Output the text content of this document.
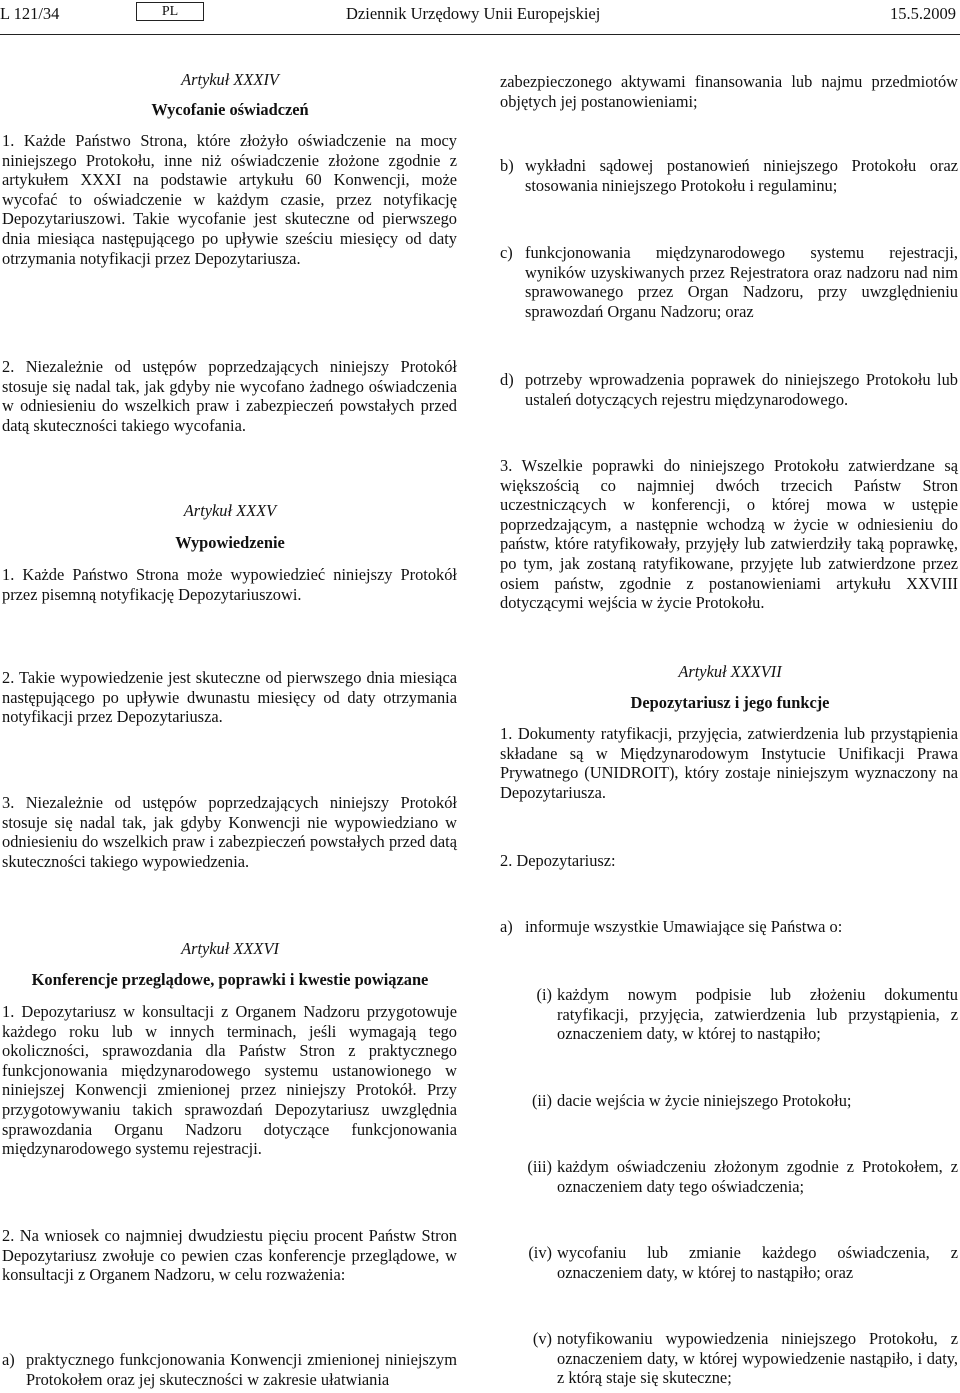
L 121/34	PL	Dziennik Urzędowy Unii Europejskiej	15.5.2009
Artykuł XXXIV
Wycofanie oświadczeń
1. Każde Państwo Strona, które złożyło oświadczenie na mocy niniejszego Protokołu, inne niż oświadczenie złożone zgodnie z artykułem XXXI na podstawie artykułu 60 Konwencji, może wycofać to oświadczenie w każdym czasie, przez notyfikację Depozytariuszowi. Takie wycofanie jest skuteczne od pierwszego dnia miesiąca następującego po upływie sześciu miesięcy od daty otrzymania notyfikacji przez Depozytariusza.
2. Niezależnie od ustępów poprzedzających niniejszy Protokół stosuje się nadal tak, jak gdyby nie wycofano żadnego oświadczenia w odniesieniu do wszelkich praw i zabezpieczeń powstałych przed datą skuteczności takiego wycofania.
Artykuł XXXV
Wypowiedzenie
1. Każde Państwo Strona może wypowiedzieć niniejszy Protokół przez pisemną notyfikację Depozytariuszowi.
2. Takie wypowiedzenie jest skuteczne od pierwszego dnia miesiąca następującego po upływie dwunastu miesięcy od daty otrzymania notyfikacji przez Depozytariusza.
3. Niezależnie od ustępów poprzedzających niniejszy Protokół stosuje się nadal tak, jak gdyby Konwencji nie wypowiedziano w odniesieniu do wszelkich praw i zabezpieczeń powstałych przed datą skuteczności takiego wypowiedzenia.
Artykuł XXXVI
Konferencje przeglądowe, poprawki i kwestie powiązane
1. Depozytariusz w konsultacji z Organem Nadzoru przygotowuje każdego roku lub w innych terminach, jeśli wymagają tego okoliczności, sprawozdania dla Państw Stron z praktycznego funkcjonowania międzynarodowego systemu ustanowionego w niniejszej Konwencji zmienionej przez niniejszy Protokół. Przy przygotowywaniu takich sprawozdań Depozytariusz uwzględnia sprawozdania Organu Nadzoru dotyczące funkcjonowania międzynarodowego systemu rejestracji.
2. Na wniosek co najmniej dwudziestu pięciu procent Państw Stron Depozytariusz zwołuje co pewien czas konferencje przeglądowe, w konsultacji z Organem Nadzoru, w celu rozważenia:
a) praktycznego funkcjonowania Konwencji zmienionej niniejszym Protokołem oraz jej skuteczności w zakresie ułatwiania
zabezpieczonego aktywami finansowania lub najmu przedmiotów objętych jej postanowieniami;
b) wykładni sądowej postanowień niniejszego Protokołu oraz stosowania niniejszego Protokołu i regulaminu;
c) funkcjonowania międzynarodowego systemu rejestracji, wyników uzyskiwanych przez Rejestratora oraz nadzoru nad nim sprawowanego przez Organ Nadzoru, przy uwzględnieniu sprawozdań Organu Nadzoru; oraz
d) potrzeby wprowadzenia poprawek do niniejszego Protokołu lub ustaleń dotyczących rejestru międzynarodowego.
3. Wszelkie poprawki do niniejszego Protokołu zatwierdzane są większością co najmniej dwóch trzecich Państw Stron uczestniczących w konferencji, o której mowa w ustępie poprzedzającym, a następnie wchodzą w życie w odniesieniu do państw, które ratyfikowały, przyjęły lub zatwierdziły taką poprawkę, po tym, jak zostaną ratyfikowane, przyjęte lub zatwierdzone przez osiem państw, zgodnie z postanowieniami artykułu XXVIII dotyczącymi wejścia w życie Protokołu.
Artykuł XXXVII
Depozytariusz i jego funkcje
1. Dokumenty ratyfikacji, przyjęcia, zatwierdzenia lub przystąpienia składane są w Międzynarodowym Instytucie Unifikacji Prawa Prywatnego (UNIDROIT), który zostaje niniejszym wyznaczony na Depozytariusza.
2. Depozytariusz:
a) informuje wszystkie Umawiające się Państwa o:
(i) każdym nowym podpisie lub złożeniu dokumentu ratyfikacji, przyjęcia, zatwierdzenia lub przystąpienia, z oznaczeniem daty, w której to nastąpiło;
(ii) dacie wejścia w życie niniejszego Protokołu;
(iii) każdym oświadczeniu złożonym zgodnie z Protokołem, z oznaczeniem daty tego oświadczenia;
(iv) wycofaniu lub zmianie każdego oświadczenia, z oznaczeniem daty, w której to nastąpiło; oraz
(v) notyfikowaniu wypowiedzenia niniejszego Protokołu, z oznaczeniem daty, w której wypowiedzenie nastąpiło, i daty, z którą staje się skuteczne;
